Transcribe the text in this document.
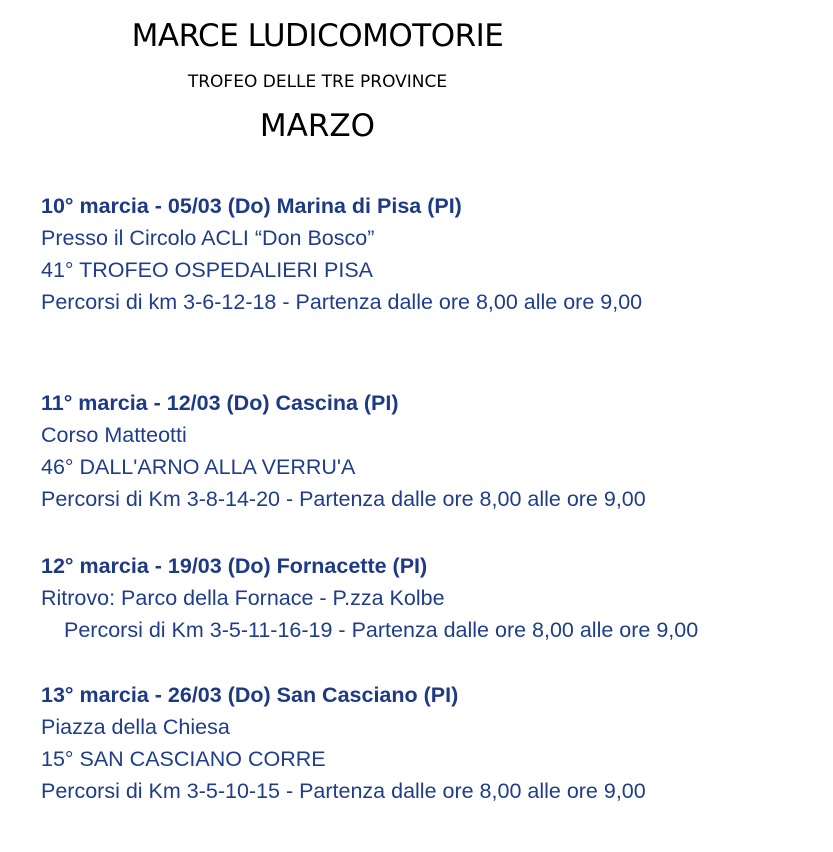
MARCE LUDICOMOTORIE
TROFEO DELLE TRE PROVINCE
MARZO
10° marcia - 05/03 (Do) Marina di Pisa (PI)
Presso il Circolo ACLI “Don Bosco”
41° TROFEO OSPEDALIERI PISA
Percorsi di km 3-6-12-18 - Partenza dalle ore 8,00 alle ore 9,00
11° marcia - 12/03 (Do) Cascina (PI)
Corso Matteotti
46° DALL'ARNO ALLA VERRU'A
Percorsi di Km 3-8-14-20 - Partenza dalle ore 8,00 alle ore 9,00
12° marcia - 19/03 (Do) Fornacette (PI)
Ritrovo: Parco della Fornace - P.zza Kolbe
Percorsi di Km 3-5-11-16-19 - Partenza dalle ore 8,00 alle ore 9,00
13° marcia - 26/03 (Do) San Casciano (PI)
Piazza della Chiesa
15° SAN CASCIANO CORRE
Percorsi di Km 3-5-10-15 - Partenza dalle ore 8,00 alle ore 9,00
